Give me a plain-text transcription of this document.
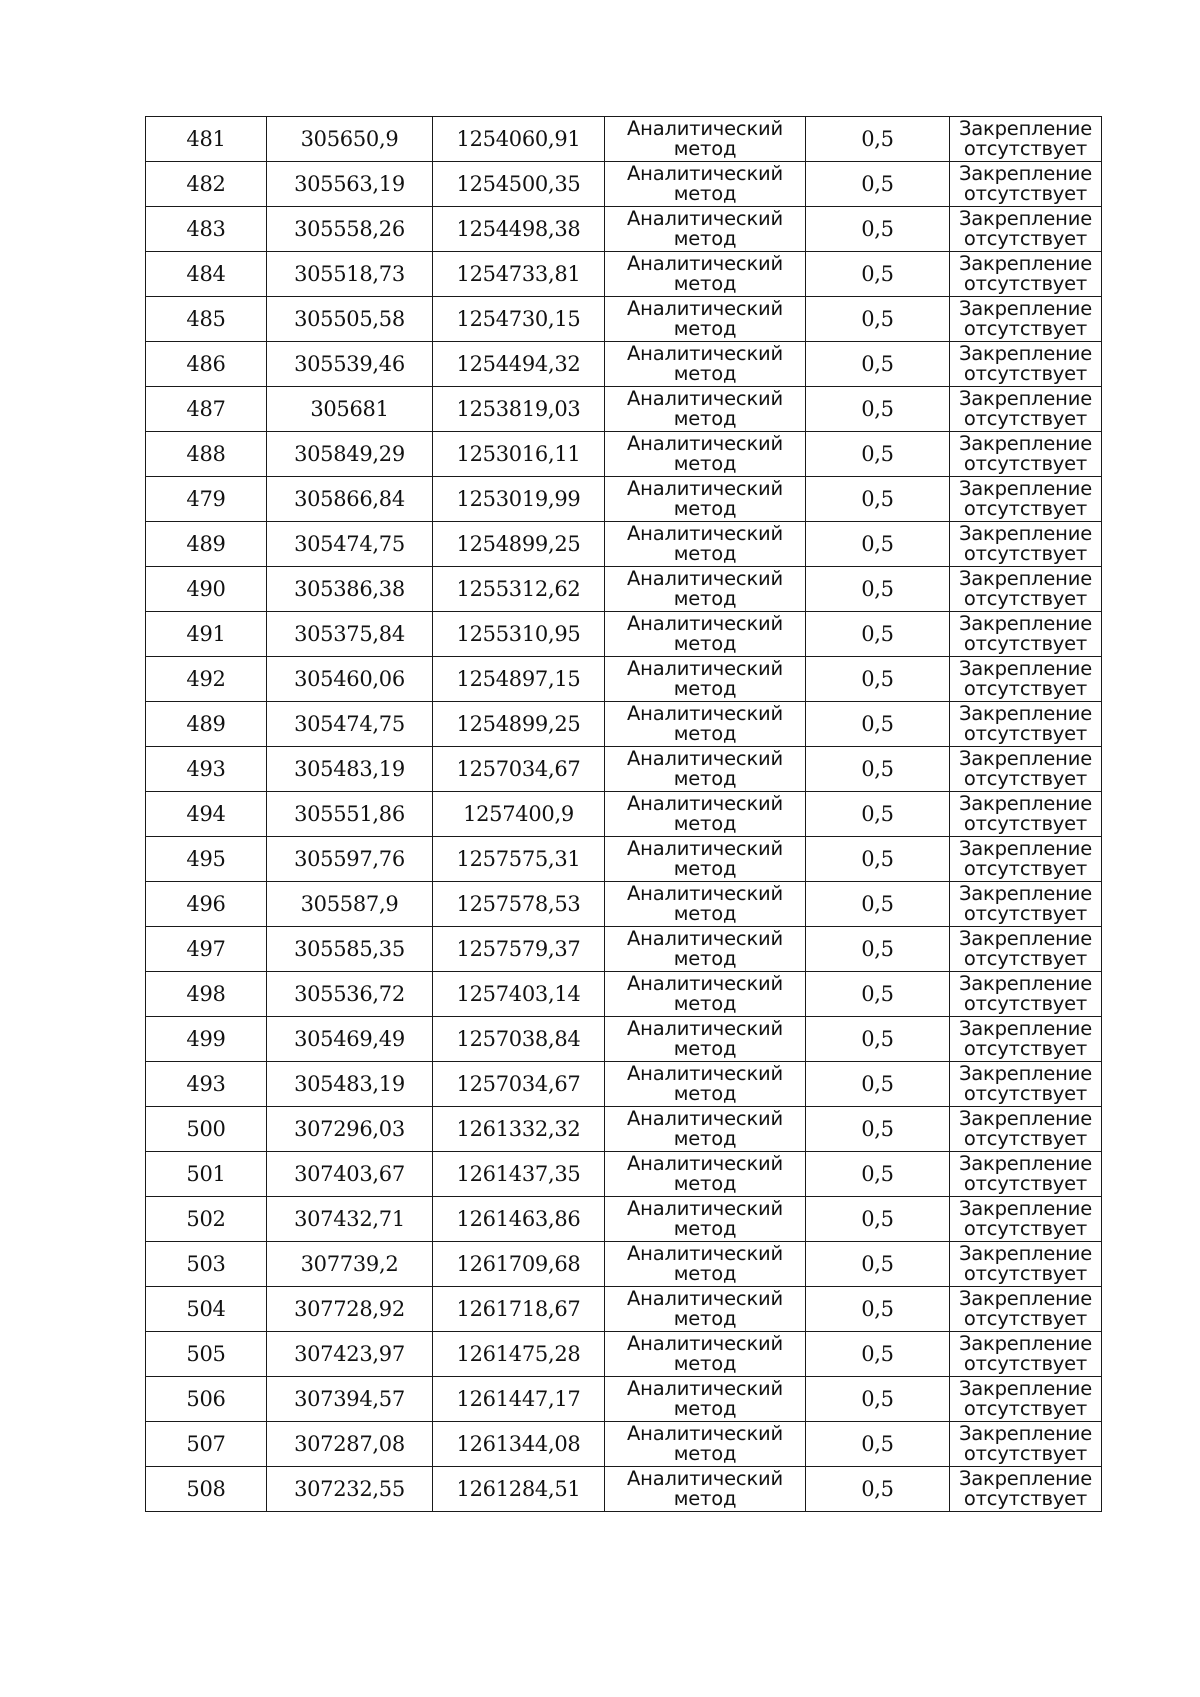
481	305650,9	1254060,91	Аналитический метод	0,5	Закрепление отсутствует
482	305563,19	1254500,35	Аналитический метод	0,5	Закрепление отсутствует
483	305558,26	1254498,38	Аналитический метод	0,5	Закрепление отсутствует
484	305518,73	1254733,81	Аналитический метод	0,5	Закрепление отсутствует
485	305505,58	1254730,15	Аналитический метод	0,5	Закрепление отсутствует
486	305539,46	1254494,32	Аналитический метод	0,5	Закрепление отсутствует
487	305681	1253819,03	Аналитический метод	0,5	Закрепление отсутствует
488	305849,29	1253016,11	Аналитический метод	0,5	Закрепление отсутствует
479	305866,84	1253019,99	Аналитический метод	0,5	Закрепление отсутствует
489	305474,75	1254899,25	Аналитический метод	0,5	Закрепление отсутствует
490	305386,38	1255312,62	Аналитический метод	0,5	Закрепление отсутствует
491	305375,84	1255310,95	Аналитический метод	0,5	Закрепление отсутствует
492	305460,06	1254897,15	Аналитический метод	0,5	Закрепление отсутствует
489	305474,75	1254899,25	Аналитический метод	0,5	Закрепление отсутствует
493	305483,19	1257034,67	Аналитический метод	0,5	Закрепление отсутствует
494	305551,86	1257400,9	Аналитический метод	0,5	Закрепление отсутствует
495	305597,76	1257575,31	Аналитический метод	0,5	Закрепление отсутствует
496	305587,9	1257578,53	Аналитический метод	0,5	Закрепление отсутствует
497	305585,35	1257579,37	Аналитический метод	0,5	Закрепление отсутствует
498	305536,72	1257403,14	Аналитический метод	0,5	Закрепление отсутствует
499	305469,49	1257038,84	Аналитический метод	0,5	Закрепление отсутствует
493	305483,19	1257034,67	Аналитический метод	0,5	Закрепление отсутствует
500	307296,03	1261332,32	Аналитический метод	0,5	Закрепление отсутствует
501	307403,67	1261437,35	Аналитический метод	0,5	Закрепление отсутствует
502	307432,71	1261463,86	Аналитический метод	0,5	Закрепление отсутствует
503	307739,2	1261709,68	Аналитический метод	0,5	Закрепление отсутствует
504	307728,92	1261718,67	Аналитический метод	0,5	Закрепление отсутствует
505	307423,97	1261475,28	Аналитический метод	0,5	Закрепление отсутствует
506	307394,57	1261447,17	Аналитический метод	0,5	Закрепление отсутствует
507	307287,08	1261344,08	Аналитический метод	0,5	Закрепление отсутствует
508	307232,55	1261284,51	Аналитический метод	0,5	Закрепление отсутствует
